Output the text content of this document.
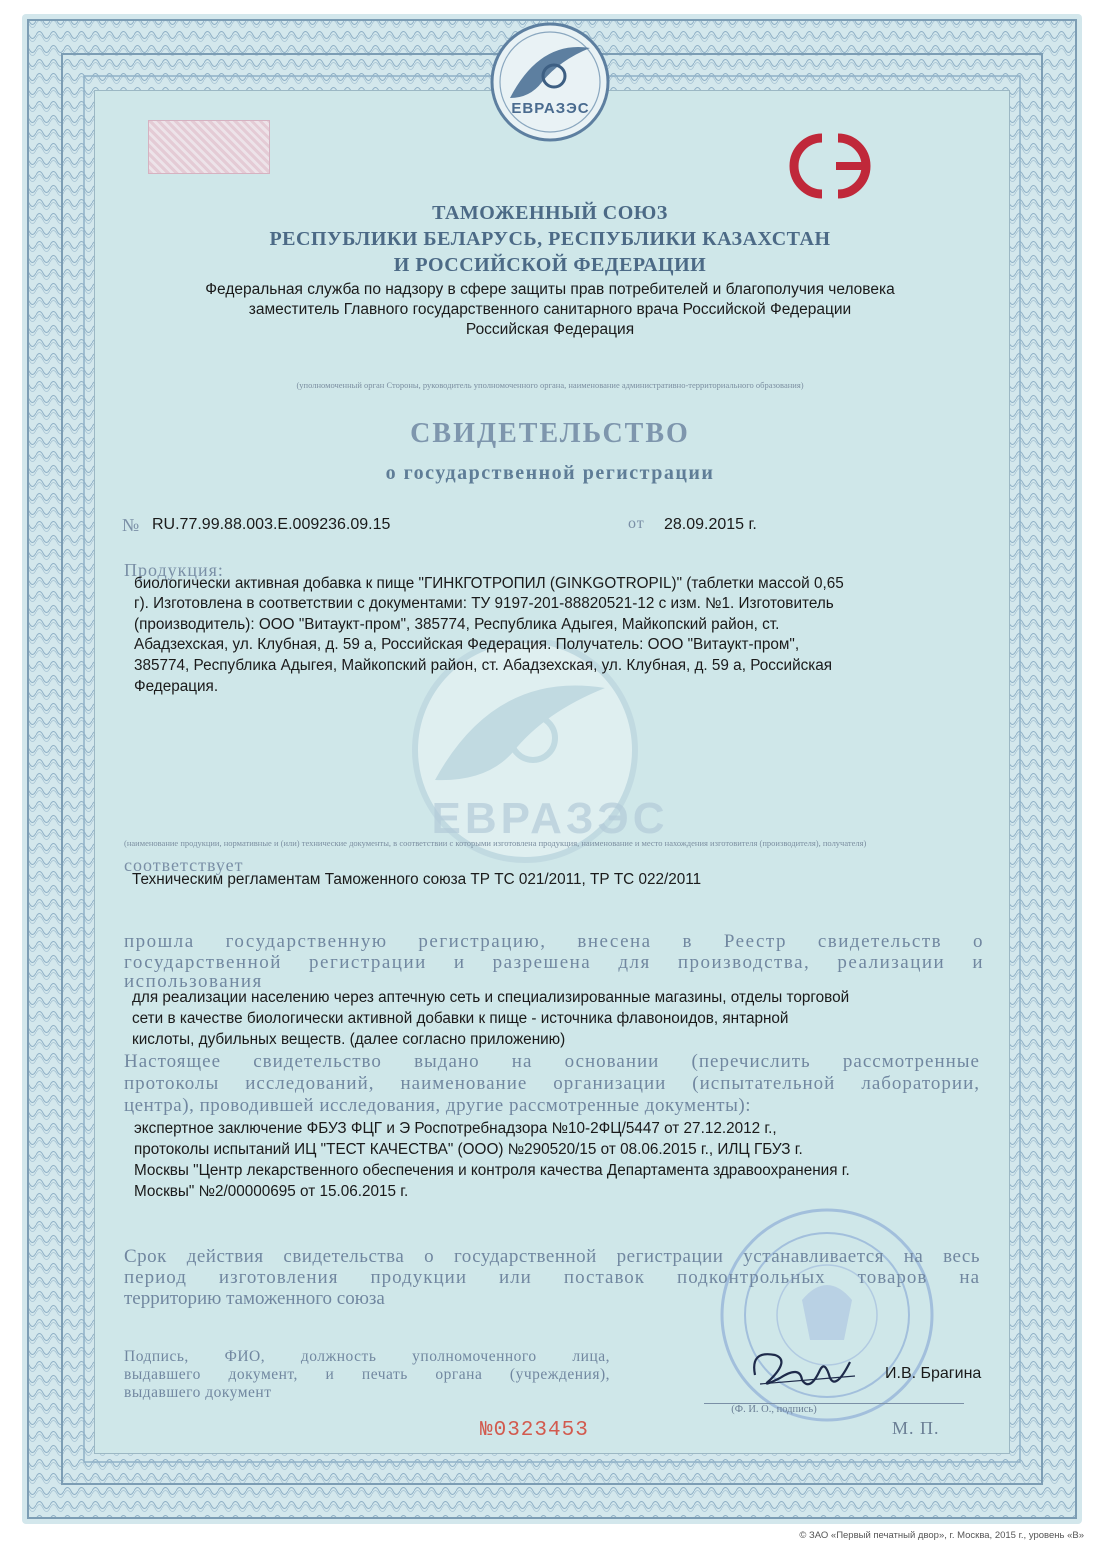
ЕВРАЗЭС
ТАМОЖЕННЫЙ СОЮЗ
РЕСПУБЛИКИ БЕЛАРУСЬ, РЕСПУБЛИКИ КАЗАХСТАН
И РОССИЙСКОЙ ФЕДЕРАЦИИ
Федеральная служба по надзору в сфере защиты прав потребителей и благополучия человека
заместитель Главного государственного санитарного врача Российской Федерации
Российская Федерация
(уполномоченный орган Стороны, руководитель уполномоченного органа, наименование административно-территориального образования)
СВИДЕТЕЛЬСТВО
о государственной регистрации
№ RU.77.99.88.003.Е.009236.09.15	от 28.09.2015 г.
ЕВРАЗЭС
Продукция:
биологически активная добавка к пище "ГИНКГОТРОПИЛ (GINKGOTROPIL)" (таблетки массой 0,65
г). Изготовлена в соответствии с документами: ТУ 9197-201-88820521-12 с изм. №1. Изготовитель
(производитель): ООО "Витаукт-пром", 385774, Республика Адыгея, Майкопский район, ст.
Абадзехская, ул. Клубная, д. 59 а, Российская Федерация. Получатель: ООО "Витаукт-пром",
385774, Республика Адыгея, Майкопский район, ст. Абадзехская, ул. Клубная, д. 59 а, Российская
Федерация.
(наименование продукции, нормативные и (или) технические документы, в соответствии с которыми изготовлена продукция, наименование и место нахождения изготовителя (производителя), получателя)
соответствует
Техническим регламентам Таможенного союза ТР ТС 021/2011, ТР ТС 022/2011
прошла государственную регистрацию, внесена в Реестр свидетельств о
государственной регистрации и разрешена для производства, реализации и
использования
для реализации населению через аптечную сеть и специализированные магазины, отделы торговой
сети в качестве биологически активной добавки к пище - источника флавоноидов, янтарной
кислоты, дубильных веществ. (далее согласно приложению)
Настоящее свидетельство выдано на основании (перечислить рассмотренные
протоколы исследований, наименование организации (испытательной лаборатории,
центра), проводившей исследования, другие рассмотренные документы):
экспертное заключение ФБУЗ ФЦГ и Э Роспотребнадзора №10-2ФЦ/5447 от 27.12.2012 г.,
протоколы испытаний ИЦ "ТЕСТ КАЧЕСТВА" (ООО) №290520/15 от 08.06.2015 г., ИЛЦ ГБУЗ г.
Москвы "Центр лекарственного обеспечения и контроля качества Департамента здравоохранения г.
Москвы" №2/00000695 от 15.06.2015 г.
Срок действия свидетельства о государственной регистрации устанавливается на весь
период изготовления продукции или поставок подконтрольных товаров на
территорию таможенного союза
Подпись, ФИО, должность уполномоченного лица,
выдавшего документ, и печать органа (учреждения),
выдавшего документ
И.В. Брагина
(Ф. И. О., подпись)
М. П.
№0323453
© ЗАО «Первый печатный двор», г. Москва, 2015 г., уровень «В»
